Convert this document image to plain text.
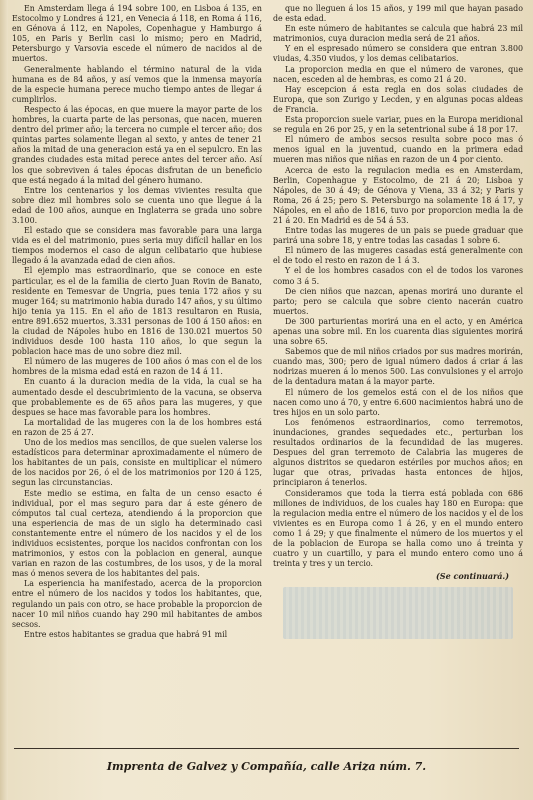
En Amsterdam llega á 194 sobre 100, en Lisboa á 135, en Estocolmo y Londres á 121, en Venecia á 118, en Roma á 116, en Génova á 112, en Napoles, Copenhague y Hamburgo á 105, en Paris y Berlin casi lo mismo; pero en Madrid, Petersburgo y Varsovia escede el número de nacidos al de muertos.

Generalmente hablando el término natural de la vida humana es de 84 años, y así vemos que la inmensa mayoría de la especie humana perece mucho tiempo antes de llegar á cumplirlos.

Respecto á las épocas, en que muere la mayor parte de los hombres, la cuarta parte de las personas, que nacen, mueren dentro del primer año; la tercera no cumple el tercer año; dos quintas partes solamente llegan al sexto, y antes de tener 21 años la mitad de una generacion está ya en el sepulcro. En las grandes ciudades esta mitad perece antes del tercer año. Así los que sobreviven á tales épocas disfrutan de un beneficio que está negado á la mitad del género humano.

Entre los centenarios y los demas vivientes resulta que sobre diez mil hombres solo se cuenta uno que llegue á la edad de 100 años, aunque en Inglaterra se grada uno sobre 3.100.

El estado que se considera mas favorable para una larga vida es el del matrimonio, pues seria muy difícil hallar en los tiempos modernos el caso de algun celibatario que hubiese llegado á la avanzada edad de cien años.

El ejemplo mas estraordinario, que se conoce en este particular, es el de la familia de cierto Juan Rovin de Banato, residente en Temesvar de Ungria, pues tenia 172 años y su muger 164; su matrimonio habia durado 147 años, y su último hijo tenia ya 115. En el año de 1813 resultaron en Rusia, entre 891.652 muertos, 3.331 personas de 100 á 150 años: en la ciudad de Nápoles hubo en 1816 de 130.021 muertos 50 individuos desde 100 hasta 110 años, lo que segun la poblacion hace mas de uno sobre diez mil.

El número de las mugeres de 100 años ó mas con el de los hombres de la misma edad está en razon de 14 á 11.

En cuanto á la duracion media de la vida, la cual se ha aumentado desde el descubrimiento de la vacuna, se observa que probablemente es de 65 años para las mugeres, y que despues se hace mas favorable para los hombres.

La mortalidad de las mugeres con la de los hombres está en razon de 25 á 27.

Uno de los medios mas sencillos, de que suelen valerse los estadísticos para determinar aproximadamente el número de los habitantes de un pais, consiste en multiplicar el número de los nacidos por 26, ó el de los matrimonios por 120 á 125, segun las circunstancias.

Este medio se estima, en falta de un censo esacto é individual, por el mas seguro para dar á este género de cómputos tal cual certeza, atendiendo á la proporcion que una esperiencia de mas de un siglo ha determinado casi constantemente entre el número de los nacidos y el de los individuos ecsistentes, porque los nacidos confrontan con los matrimonios, y estos con la poblacion en general, aunque varian en razon de las costumbres, de los usos, y de la moral mas ó menos severa de los habitantes del pais.

La esperiencia ha manifestado, acerca de la proporcion entre el número de los nacidos y todos los habitantes, que, regulando un pais con otro, se hace probable la proporcion de nacer 10 mil niños cuando hay 290 mil habitantes de ambos secsos.

Entre estos habitantes se gradua que habrá 91 mil

que no lleguen á los 15 años, y 199 mil que hayan pasado de esta edad.

En este número de habitantes se calcula que habrá 23 mil matrimonios, cuya duracion media será de 21 años.

Y en el espresado número se considera que entran 3.800 viudas, 4.350 viudos, y los demas celibatarios.

La proporcion media en que el número de varones, que nacen, esceden al de hembras, es como 21 á 20.

Hay escepcion á esta regla en dos solas ciudades de Europa, que son Zurigo y Lecden, y en algunas pocas aldeas de Francia.

Esta proporcion suele variar, pues en la Europa meridional se regula en 26 por 25, y en la setentrional sube á 18 por 17.

El número de ambos secsos resulta sobre poco mas ó menos igual en la juventud, cuando en la primera edad mueren mas niños que niñas en razon de un 4 por ciento.

Acerca de esto la regulacion media es en Amsterdam, Berlin, Copenhague y Estocolmo, de 21 á 20; Lisboa y Nápoles, de 30 á 49; de Génova y Viena, 33 á 32; y Paris y Roma, 26 á 25; pero S. Petersburgo na solamente 18 á 17, y Nápoles, en el año de 1816, tuvo por proporcion media la de 21 á 20. En Madrid es de 54 á 53.

Entre todas las mugeres de un pais se puede graduar que parirá una sobre 18, y entre todas las casadas 1 sobre 6.

El número de las mugeres casadas está generalmente con el de todo el resto en razon de 1 á 3.

Y el de los hombres casados con el de todos los varones como 3 á 5.

De cien niños que nazcan, apenas morirá uno durante el parto; pero se calcula que sobre ciento nacerán cuatro muertos.

De 300 parturientas morirá una en el acto, y en América apenas una sobre mil. En los cuarenta dias siguientes morirá una sobre 65.

Sabemos que de mil niños criados por sus madres morirán, cuando mas, 300; pero de igual número dados á criar á las nodrizas mueren á lo menos 500. Las convulsiones y el arrojo de la dentadura matan á la mayor parte.

El número de los gemelos está con el de los niños que nacen como uno á 70, y entre 6.600 nacimientos habrá uno de tres hijos en un solo parto.

Los fenómenos estraordinarios, como terremotos, inundaciones, grandes sequedades etc., perturban los resultados ordinarios de la fecundidad de las mugeres. Despues del gran terremoto de Calabria las mugeres de algunos distritos se quedaron estériles por muchos años; en lugar que otras, privadas hasta entonces de hijos, principiaron á tenerlos.

Consideramos que toda la tierra está poblada con 686 millones de individuos, de los cuales hay 180 en Europa: que la regulacion media entre el número de los nacidos y el de los vivientes es en Europa como 1 á 26, y en el mundo entero como 1 á 29; y que finalmente el número de los muertos y el de la poblacion de Europa se halla como uno á treinta y cuatro y un cuartillo, y para el mundo entero como uno á treinta y tres y un tercio.

(Se continuará.)
Imprenta de Galvez y Compañía, calle Ariza núm. 7.
